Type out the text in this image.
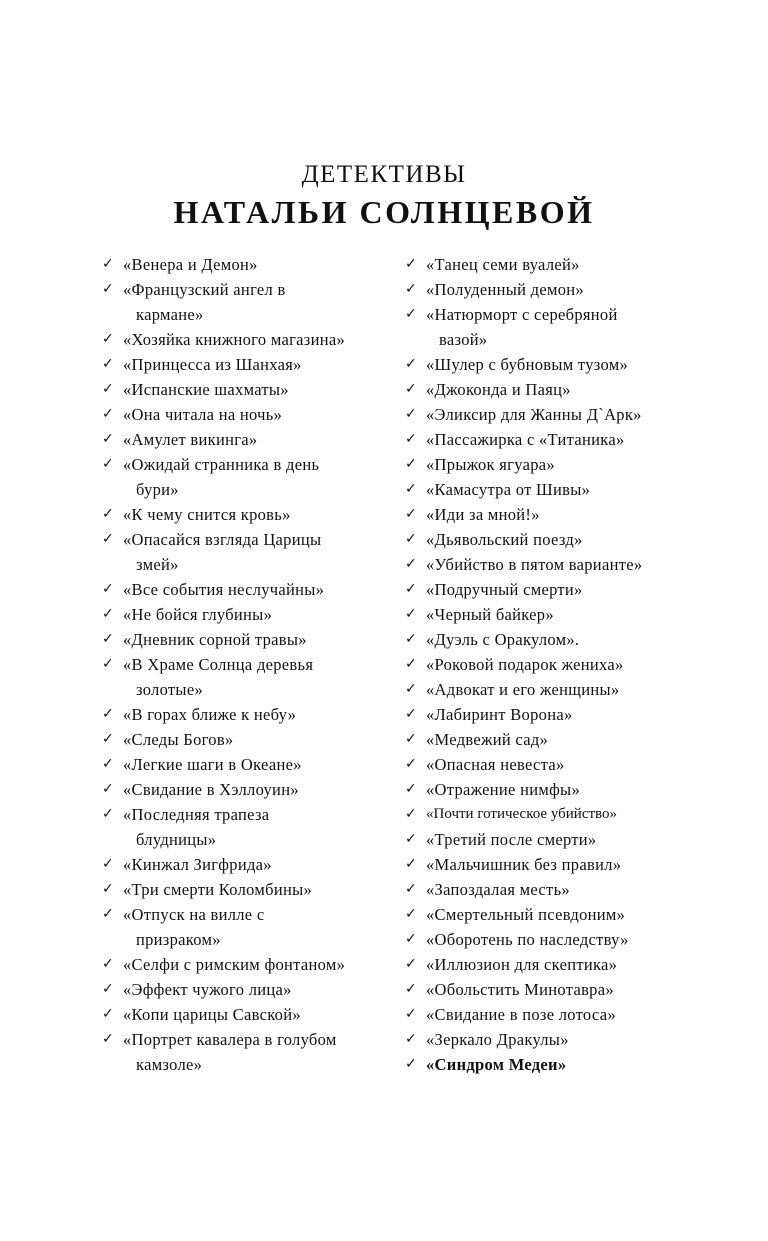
ДЕТЕКТИВЫ
НАТАЛЬИ СОЛНЦЕВОЙ
✓ «Венера и Демон»
✓ «Французский ангел в
кармане»
✓ «Хозяйка книжного магазина»
✓ «Принцесса из Шанхая»
✓ «Испанские шахматы»
✓ «Она читала на ночь»
✓ «Амулет викинга»
✓ «Ожидай странника в день
бури»
✓ «К чему снится кровь»
✓ «Опасайся взгляда Царицы
змей»
✓ «Все события неслучайны»
✓ «Не бойся глубины»
✓ «Дневник сорной травы»
✓ «В Храме Солнца деревья
золотые»
✓ «В горах ближе к небу»
✓ «Следы Богов»
✓ «Легкие шаги в Океане»
✓ «Свидание в Хэллоуин»
✓ «Последняя трапеза
блудницы»
✓ «Кинжал Зигфрида»
✓ «Три смерти Коломбины»
✓ «Отпуск на вилле с
призраком»
✓ «Селфи с римским фонтаном»
✓ «Эффект чужого лица»
✓ «Копи царицы Савской»
✓ «Портрет кавалера в голубом
камзоле»
✓ «Танец семи вуалей»
✓ «Полуденный демон»
✓ «Натюрморт с серебряной
вазой»
✓ «Шулер с бубновым тузом»
✓ «Джоконда и Паяц»
✓ «Эликсир для Жанны Д`Арк»
✓ «Пассажирка с «Титаника»
✓ «Прыжок ягуара»
✓ «Камасутра от Шивы»
✓ «Иди за мной!»
✓ «Дьявольский поезд»
✓ «Убийство в пятом варианте»
✓ «Подручный смерти»
✓ «Черный байкер»
✓ «Дуэль с Оракулом».
✓ «Роковой подарок жениха»
✓ «Адвокат и его женщины»
✓ «Лабиринт Ворона»
✓ «Медвежий сад»
✓ «Опасная невеста»
✓ «Отражение нимфы»
✓ «Почти готическое убийство»
✓ «Третий после смерти»
✓ «Мальчишник без правил»
✓ «Запоздалая месть»
✓ «Смертельный псевдоним»
✓ «Оборотень по наследству»
✓ «Иллюзион для скептика»
✓ «Обольстить Минотавра»
✓ «Свидание в позе лотоса»
✓ «Зеркало Дракулы»
✓ «Синдром Медеи»
